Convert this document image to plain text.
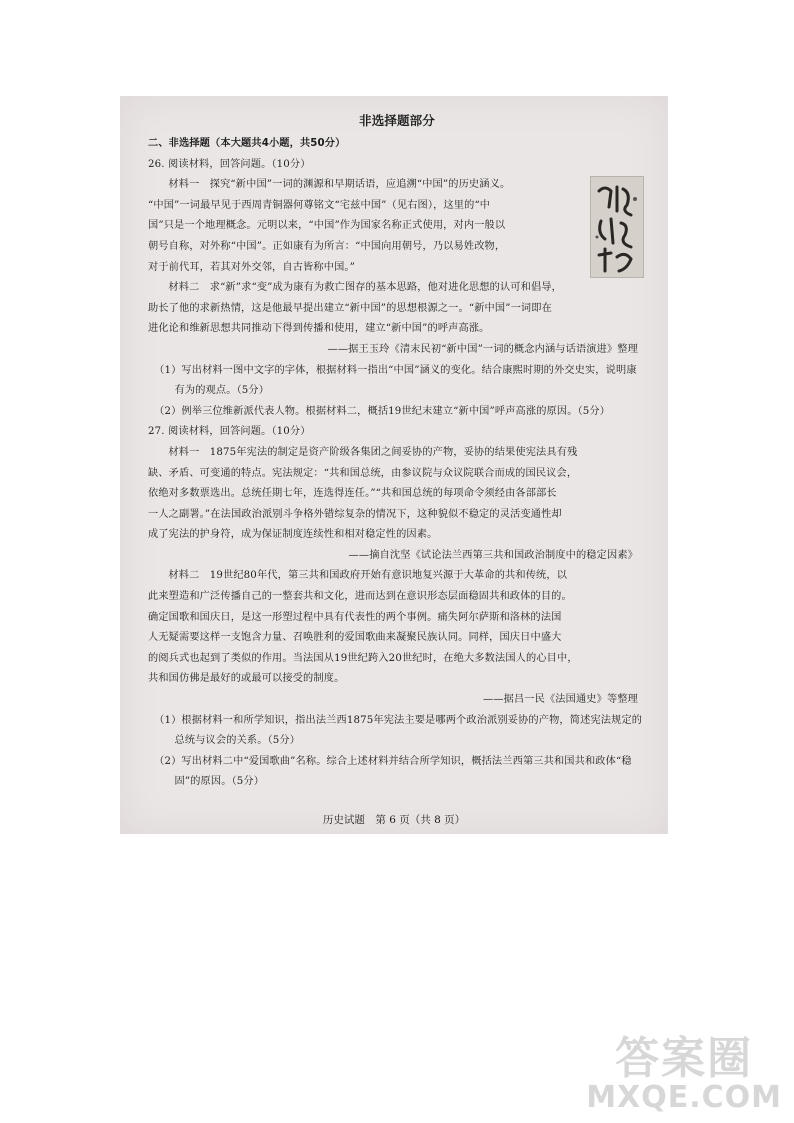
非选择题部分

二、非选择题（本大题共4小题，共50分）

26. 阅读材料，回答问题。（10分）

材料一　探究“新中国”一词的渊源和早期话语，应追溯“中国”的历史涵义。

“中国”一词最早见于西周青铜器何尊铭文“宅兹中国”（见右图），这里的“中

国”只是一个地理概念。元明以来，“中国”作为国家名称正式使用，对内一般以

朝号自称，对外称“中国”。正如康有为所言：“中国向用朝号，乃以易姓改物，

对于前代耳，若其对外交邻，自古皆称中国。”

材料二　求“新”求“变”成为康有为救亡图存的基本思路，他对进化思想的认可和倡导，

助长了他的求新热情，这是他最早提出建立“新中国”的思想根源之一。“新中国”一词即在

进化论和维新思想共同推动下得到传播和使用，建立“新中国”的呼声高涨。

——据王玉玲《清末民初“新中国”一词的概念内涵与话语演进》整理

（1）写出材料一图中文字的字体，根据材料一指出“中国”涵义的变化。结合康熙时期的外交史实，说明康有为的观点。（5分）

（2）例举三位维新派代表人物。根据材料二，概括19世纪末建立“新中国”呼声高涨的原因。（5分）

27. 阅读材料，回答问题。（10分）

材料一　1875年宪法的制定是资产阶级各集团之间妥协的产物，妥协的结果使宪法具有残

缺、矛盾、可变通的特点。宪法规定：“共和国总统，由参议院与众议院联合而成的国民议会，

依绝对多数票选出。总统任期七年，连选得连任。”“共和国总统的每项命令须经由各部部长

一人之副署。”在法国政治派别斗争格外错综复杂的情况下，这种貌似不稳定的灵活变通性却

成了宪法的护身符，成为保证制度连续性和相对稳定性的因素。

——摘自沈坚《试论法兰西第三共和国政治制度中的稳定因素》

材料二　19世纪80年代，第三共和国政府开始有意识地复兴源于大革命的共和传统，以

此来塑造和广泛传播自己的一整套共和文化，进而达到在意识形态层面稳固共和政体的目的。

确定国歌和国庆日，是这一形塑过程中具有代表性的两个事例。痛失阿尔萨斯和洛林的法国

人无疑需要这样一支饱含力量、召唤胜利的爱国歌曲来凝聚民族认同。同样，国庆日中盛大

的阅兵式也起到了类似的作用。当法国从19世纪跨入20世纪时，在绝大多数法国人的心目中，

共和国仿佛是最好的或最可以接受的制度。

——据吕一民《法国通史》等整理

（1）根据材料一和所学知识，指出法兰西1875年宪法主要是哪两个政治派别妥协的产物，简述宪法规定的总统与议会的关系。（5分）

（2）写出材料二中“爱国歌曲”名称。综合上述材料并结合所学知识，概括法兰西第三共和国共和政体“稳固”的原因。（5分）

历史试题　第 6 页（共 8 页）
答案圈
MXQE.COM
